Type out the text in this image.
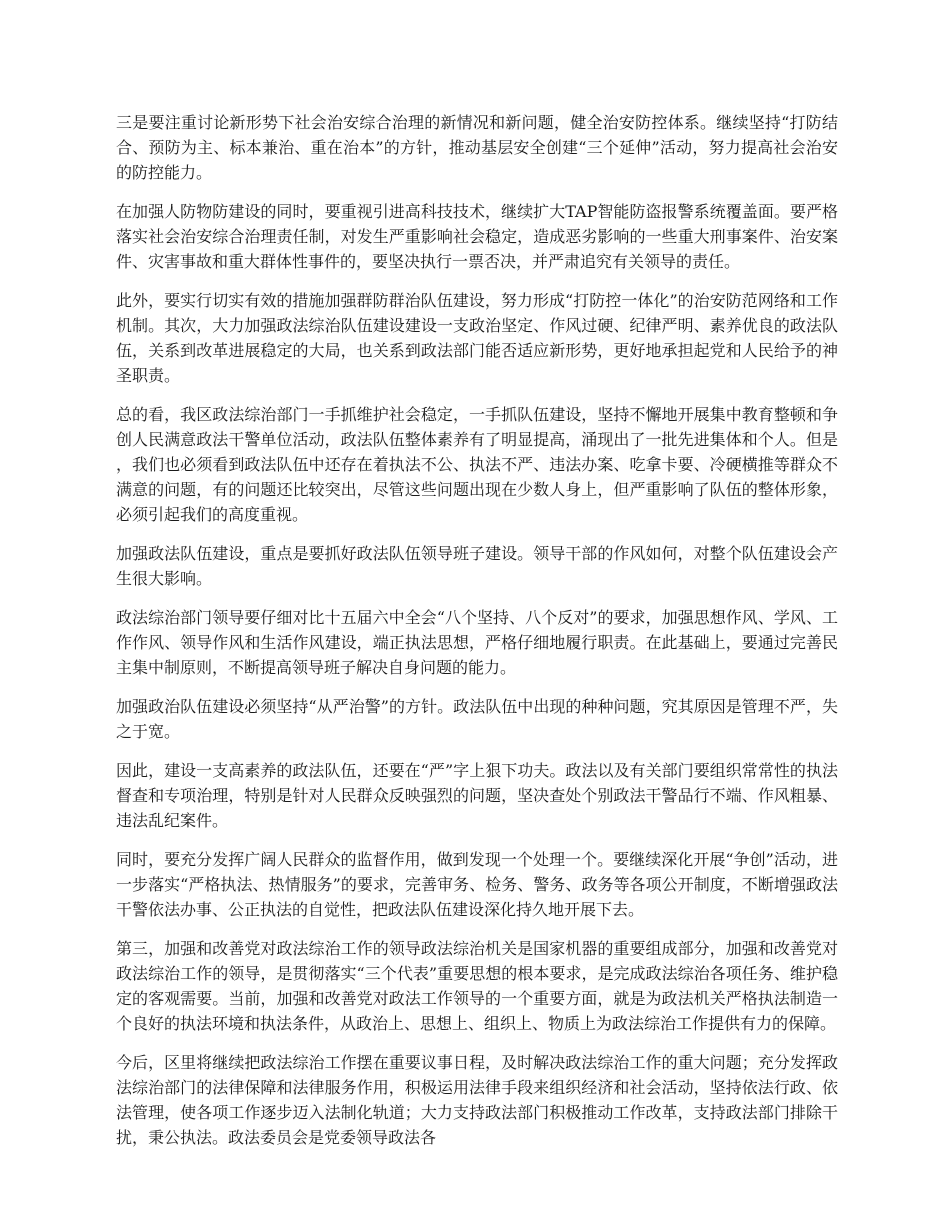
三是要注重讨论新形势下社会治安综合治理的新情况和新问题，健全治安防控体系。继续坚持“打防结合、预防为主、标本兼治、重在治本”的方针，推动基层安全创建“三个延伸”活动，努力提高社会治安的防控能力。

在加强人防物防建设的同时，要重视引进高科技技术，继续扩大TAP智能防盗报警系统覆盖面。要严格落实社会治安综合治理责任制，对发生严重影响社会稳定，造成恶劣影响的一些重大刑事案件、治安案件、灾害事故和重大群体性事件的，要坚决执行一票否决，并严肃追究有关领导的责任。

此外，要实行切实有效的措施加强群防群治队伍建设，努力形成“打防控一体化”的治安防范网络和工作机制。其次，大力加强政法综治队伍建设建设一支政治坚定、作风过硬、纪律严明、素养优良的政法队伍，关系到改革进展稳定的大局，也关系到政法部门能否适应新形势，更好地承担起党和人民给予的神圣职责。

总的看，我区政法综治部门一手抓维护社会稳定，一手抓队伍建设，坚持不懈地开展集中教育整顿和争创人民满意政法干警单位活动，政法队伍整体素养有了明显提高，涌现出了一批先进集体和个人。但是，我们也必须看到政法队伍中还存在着执法不公、执法不严、违法办案、吃拿卡要、冷硬横推等群众不满意的问题，有的问题还比较突出，尽管这些问题出现在少数人身上，但严重影响了队伍的整体形象，必须引起我们的高度重视。

加强政法队伍建设，重点是要抓好政法队伍领导班子建设。领导干部的作风如何，对整个队伍建设会产生很大影响。

政法综治部门领导要仔细对比十五届六中全会“八个坚持、八个反对”的要求，加强思想作风、学风、工作作风、领导作风和生活作风建设，端正执法思想，严格仔细地履行职责。在此基础上，要通过完善民主集中制原则，不断提高领导班子解决自身问题的能力。

加强政治队伍建设必须坚持“从严治警”的方针。政法队伍中出现的种种问题，究其原因是管理不严，失之于宽。

因此，建设一支高素养的政法队伍，还要在“严”字上狠下功夫。政法以及有关部门要组织常常性的执法督查和专项治理，特别是针对人民群众反映强烈的问题，坚决查处个别政法干警品行不端、作风粗暴、违法乱纪案件。

同时，要充分发挥广阔人民群众的监督作用，做到发现一个处理一个。要继续深化开展“争创”活动，进一步落实“严格执法、热情服务”的要求，完善审务、检务、警务、政务等各项公开制度，不断增强政法干警依法办事、公正执法的自觉性，把政法队伍建设深化持久地开展下去。

第三，加强和改善党对政法综治工作的领导政法综治机关是国家机器的重要组成部分，加强和改善党对政法综治工作的领导，是贯彻落实“三个代表”重要思想的根本要求，是完成政法综治各项任务、维护稳定的客观需要。当前，加强和改善党对政法工作领导的一个重要方面，就是为政法机关严格执法制造一个良好的执法环境和执法条件，从政治上、思想上、组织上、物质上为政法综治工作提供有力的保障。

今后，区里将继续把政法综治工作摆在重要议事日程，及时解决政法综治工作的重大问题；充分发挥政法综治部门的法律保障和法律服务作用，积极运用法律手段来组织经济和社会活动，坚持依法行政、依法管理，使各项工作逐步迈入法制化轨道；大力支持政法部门积极推动工作改革，支持政法部门排除干扰，秉公执法。政法委员会是党委领导政法各
